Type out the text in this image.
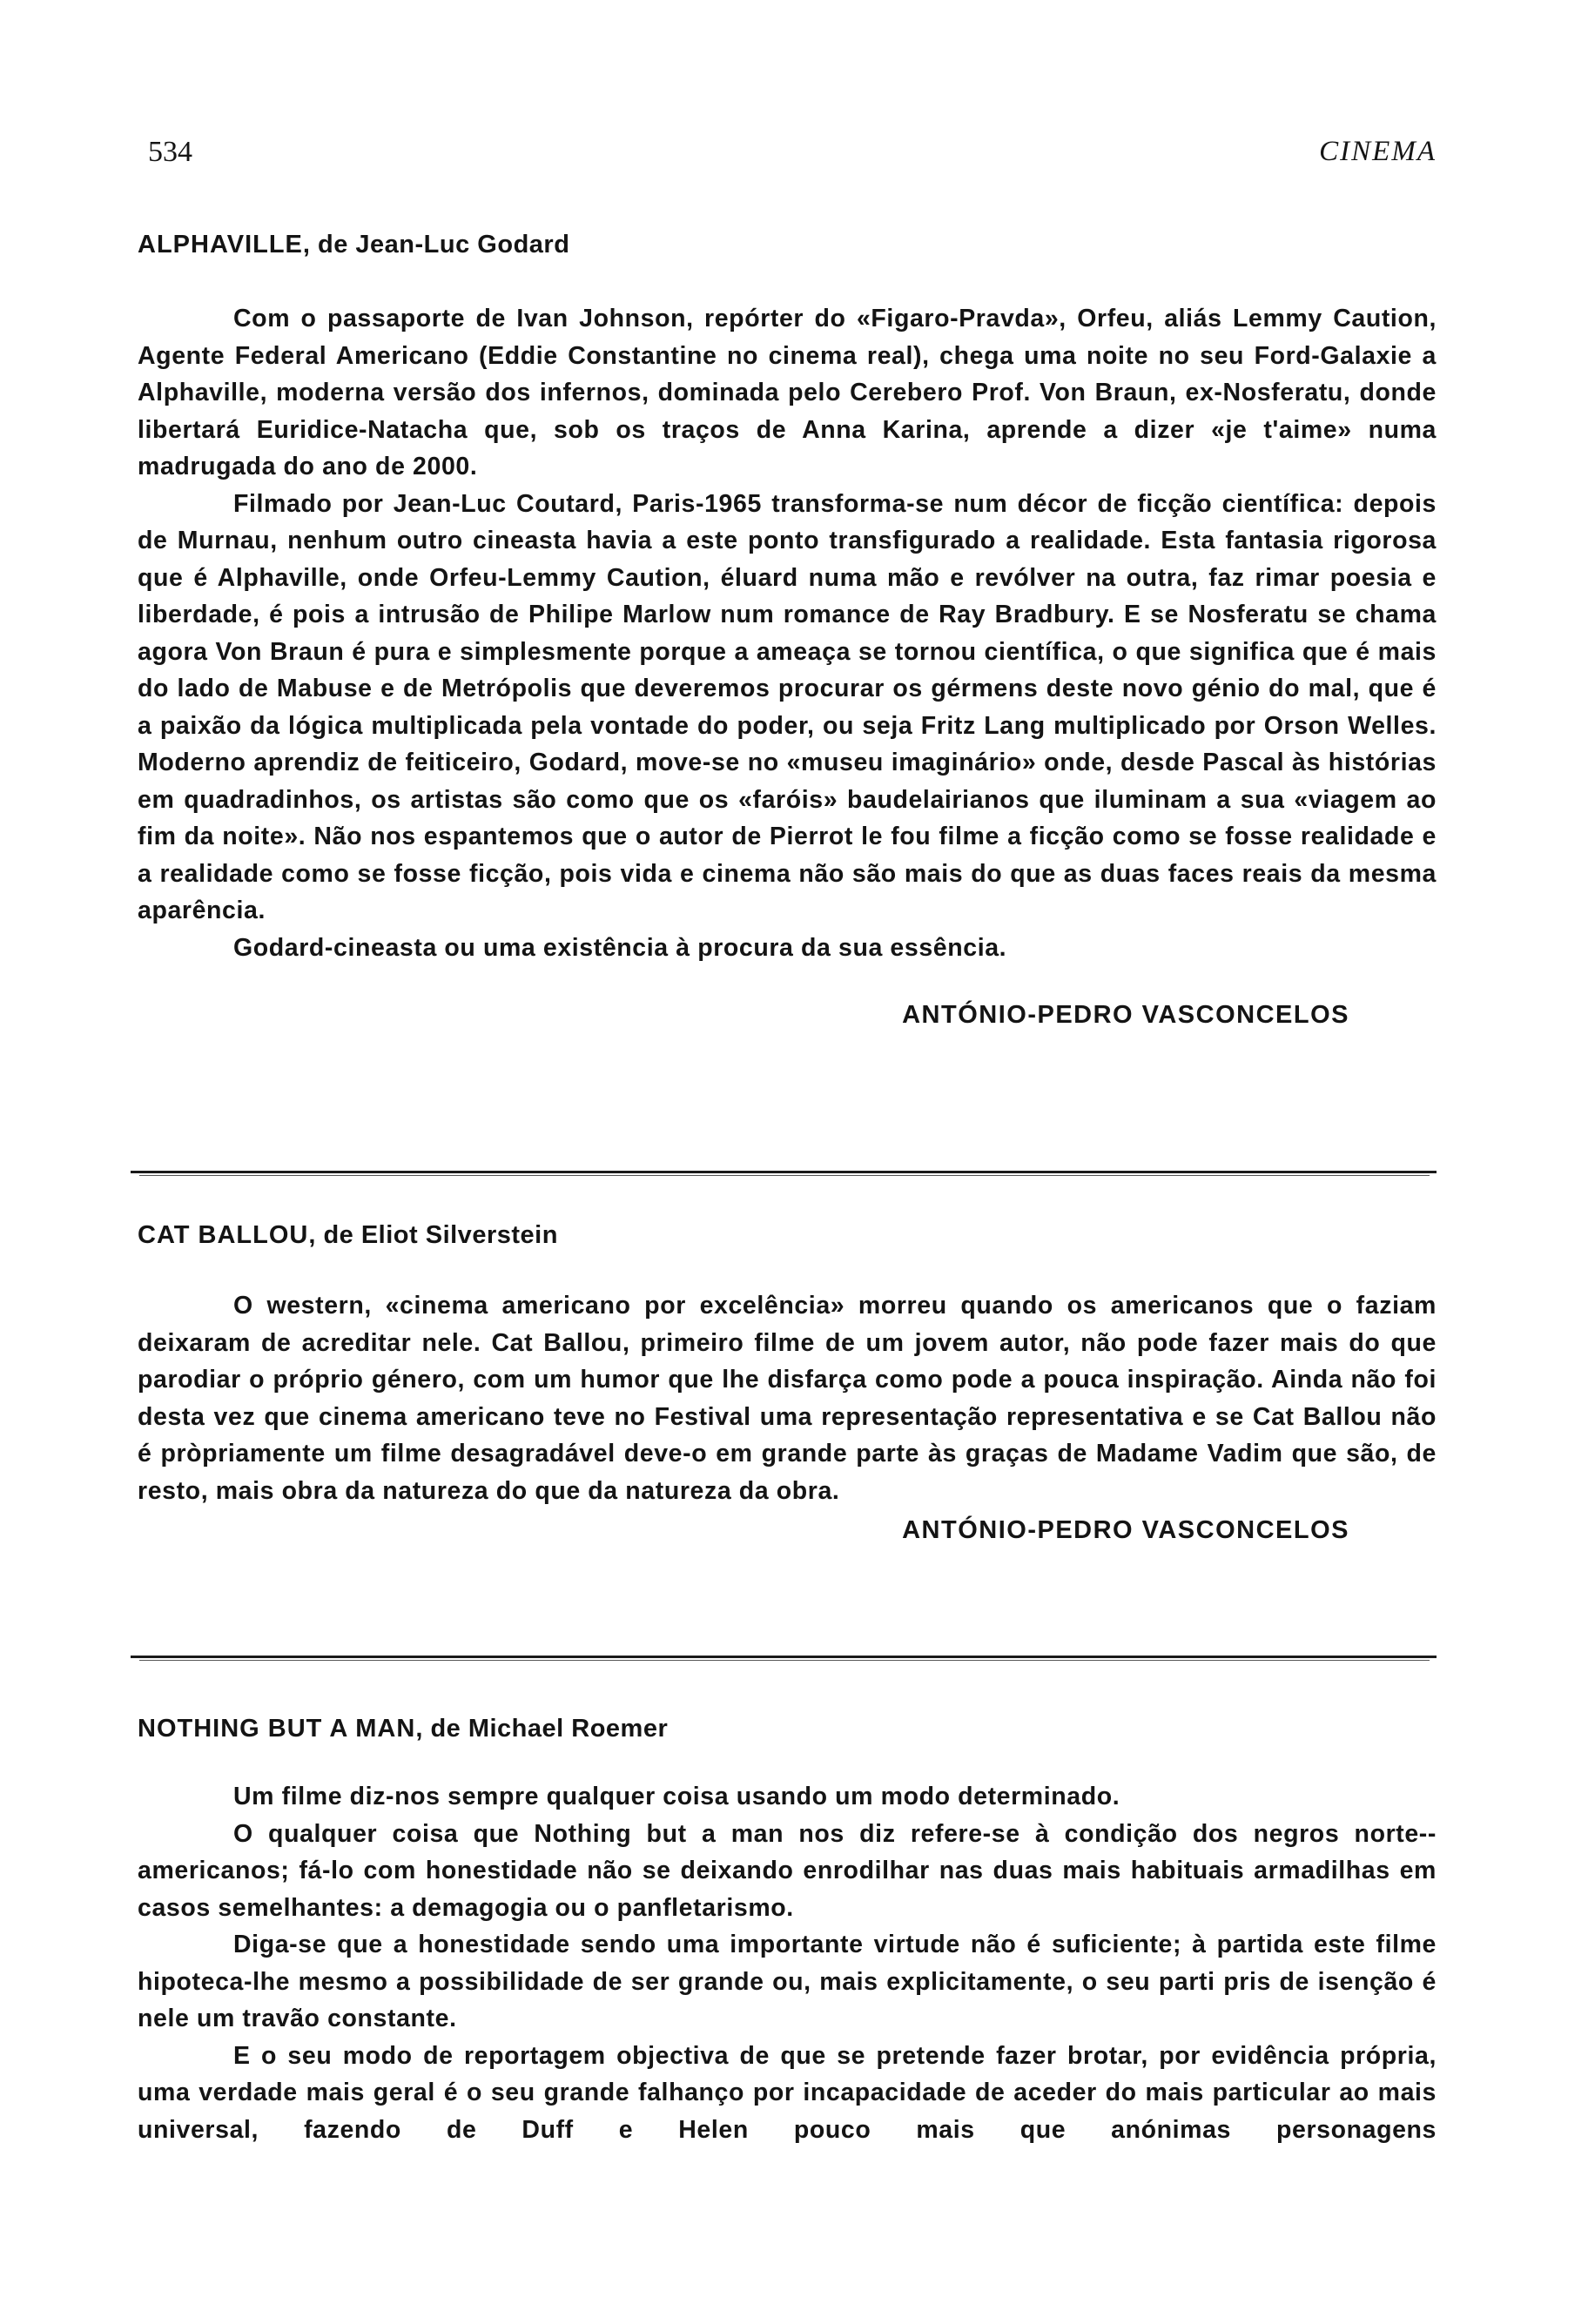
534	CINEMA
ALPHAVILLE, de Jean-Luc Godard

Com o passaporte de Ivan Johnson, repórter do «Figaro-Pravda», Orfeu, aliás Lemmy Caution, Agente Federal Americano (Eddie Constantine no cinema real), chega uma noite no seu Ford-Galaxie a Alphaville, moderna versão dos infernos, dominada pelo Cerebero Prof. Von Braun, ex-Nosferatu, donde libertará Euridice-Natacha que, sob os traços de Anna Karina, aprende a dizer «je t'aime» numa madrugada do ano de 2000.

Filmado por Jean-Luc Coutard, Paris-1965 transforma-se num décor de ficção científica: depois de Murnau, nenhum outro cineasta havia a este ponto transfigurado a realidade. Esta fantasia rigorosa que é Alphaville, onde Orfeu-Lemmy Caution, éluard numa mão e revólver na outra, faz rimar poesia e liberdade, é pois a intrusão de Philipe Marlow num romance de Ray Bradbury. E se Nosferatu se chama agora Von Braun é pura e simplesmente porque a ameaça se tornou científica, o que significa que é mais do lado de Mabuse e de Metrópolis que deveremos procurar os gérmens deste novo génio do mal, que é a paixão da lógica multiplicada pela vontade do poder, ou seja Fritz Lang multiplicado por Orson Welles. Moderno aprendiz de feiticeiro, Godard, move-se no «museu imaginário» onde, desde Pascal às histórias em quadradinhos, os artistas são como que os «faróis» baudelairianos que iluminam a sua «viagem ao fim da noite». Não nos espantemos que o autor de Pierrot le fou filme a ficção como se fosse realidade e a realidade como se fosse ficção, pois vida e cinema não são mais do que as duas faces reais da mesma aparência.

Godard-cineasta ou uma existência à procura da sua essência.

ANTÓNIO-PEDRO VASCONCELOS
CAT BALLOU, de Eliot Silverstein

O western, «cinema americano por excelência» morreu quando os americanos que o faziam deixaram de acreditar nele. Cat Ballou, primeiro filme de um jovem autor, não pode fazer mais do que parodiar o próprio género, com um humor que lhe disfarça como pode a pouca inspiração. Ainda não foi desta vez que cinema americano teve no Festival uma representação representativa e se Cat Ballou não é pròpriamente um filme desagradável deve-o em grande parte às graças de Madame Vadim que são, de resto, mais obra da natureza do que da natureza da obra.

ANTÓNIO-PEDRO VASCONCELOS
NOTHING BUT A MAN, de Michael Roemer

Um filme diz-nos sempre qualquer coisa usando um modo determinado.

O qualquer coisa que Nothing but a man nos diz refere-se à condição dos negros norte--americanos; fá-lo com honestidade não se deixando enrodilhar nas duas mais habituais armadilhas em casos semelhantes: a demagogia ou o panfletarismo.

Diga-se que a honestidade sendo uma importante virtude não é suficiente; à partida este filme hipoteca-lhe mesmo a possibilidade de ser grande ou, mais explicitamente, o seu parti pris de isenção é nele um travão constante.

E o seu modo de reportagem objectiva de que se pretende fazer brotar, por evidência própria, uma verdade mais geral é o seu grande falhanço por incapacidade de aceder do mais particular ao mais universal, fazendo de Duff e Helen pouco mais que anónimas personagens
